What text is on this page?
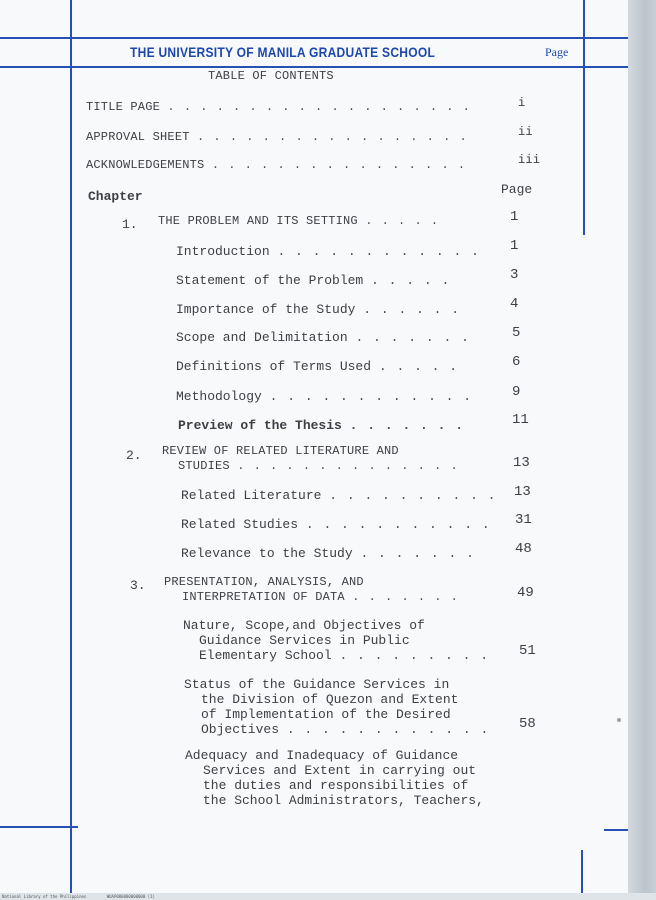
THE UNIVERSITY OF MANILA GRADUATE SCHOOL	Page
TABLE OF CONTENTS
TITLE PAGE . . . . . . . . . . . . . . . . . . .	i
APPROVAL SHEET . . . . . . . . . . . . . . . . .	ii
ACKNOWLEDGEMENTS . . . . . . . . . . . . . . . .	iii
Chapter	Page
1. THE PROBLEM AND ITS SETTING . . . . .	1
Introduction . . . . . . . . . . . . 1
Statement of the Problem . . . . .	3
Importance of the Study . . . . . .	4
Scope and Delimitation . . . . . . .	5
Definitions of Terms Used . . . . .	6
Methodology . . . . . . . . . . . .	9
Preview of the Thesis . . . . . . .	11
2. REVIEW OF RELATED LITERATURE AND
STUDIES . . . . . . . . . . . . . .	13
Related Literature . . . . . . . . . . 13
Related Studies . . . . . . . . . . . 31
Relevance to the Study . . . . . . .	48
3. PRESENTATION, ANALYSIS, AND
INTERPRETATION OF DATA . . . . . . .	49
Nature, Scope,and Objectives of
Guidance Services in Public
Elementary School . . . . . . . . . 51
Status of the Guidance Services in
the Division of Quezon and Extent
of Implementation of the Desired
Objectives . . . . . . . . . . . . 58
Adequacy and Inadequacy of Guidance
Services and Extent in carrying out
the duties and responsibilities of
the School Administrators, Teachers,
National Library of the Philippines	WUAP000000000000 (1)
